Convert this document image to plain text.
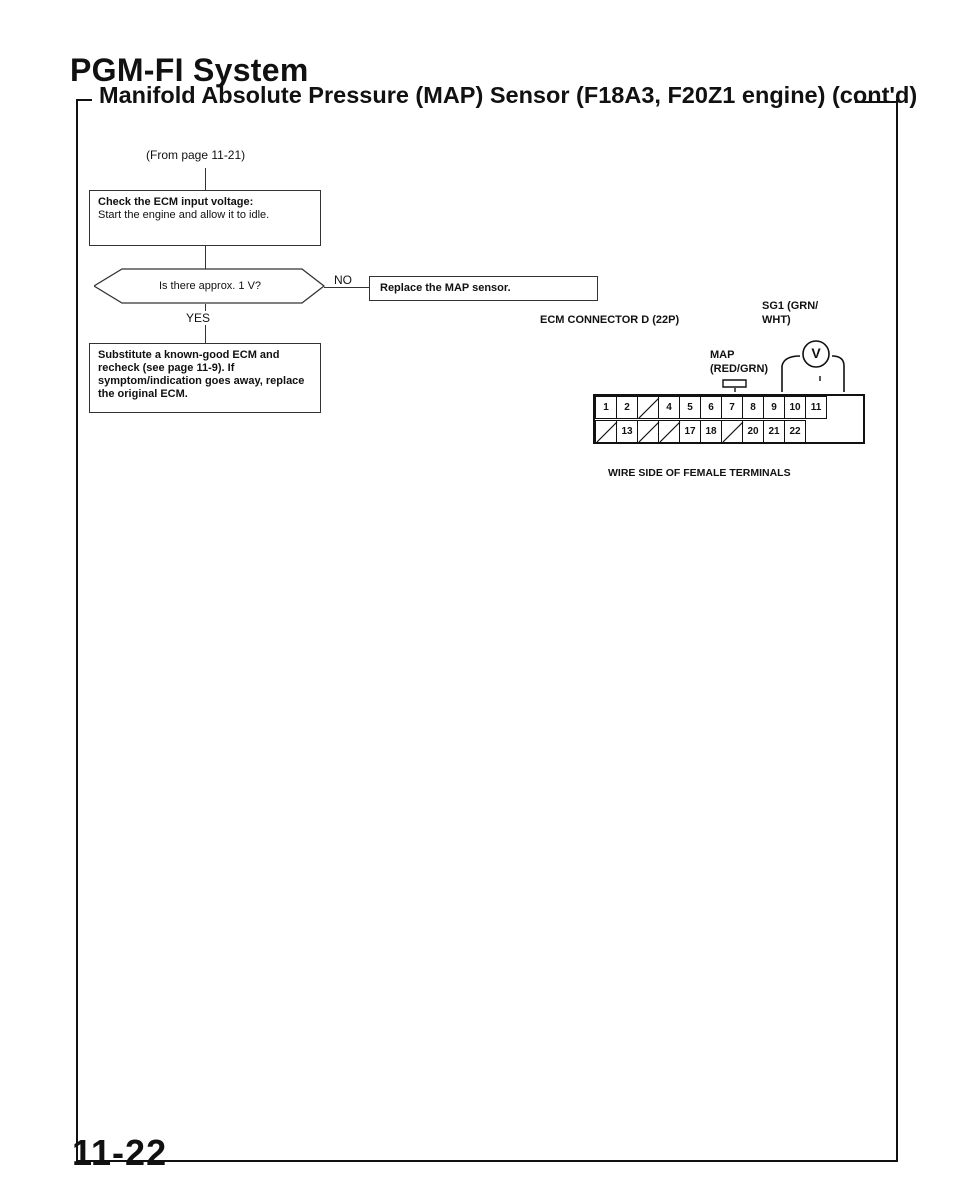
PGM-FI System
Manifold Absolute Pressure (MAP) Sensor (F18A3, F20Z1 engine) (cont'd)
(From page 11-21)
Check the ECM input voltage:
Start the engine and allow it to idle.
Is there approx. 1 V?	NO
Replace the MAP sensor.
YES
Substitute a known-good ECM and recheck (see page 11-9). If symptom/indication goes away, replace the original ECM.
ECM CONNECTOR D (22P)
SG1 (GRN/
WHT)
MAP
(RED/GRN)
V
1	2		4	5	6	7	8	9	10	11
	13			17	18		20	21	22
WIRE SIDE OF FEMALE TERMINALS
11-22
